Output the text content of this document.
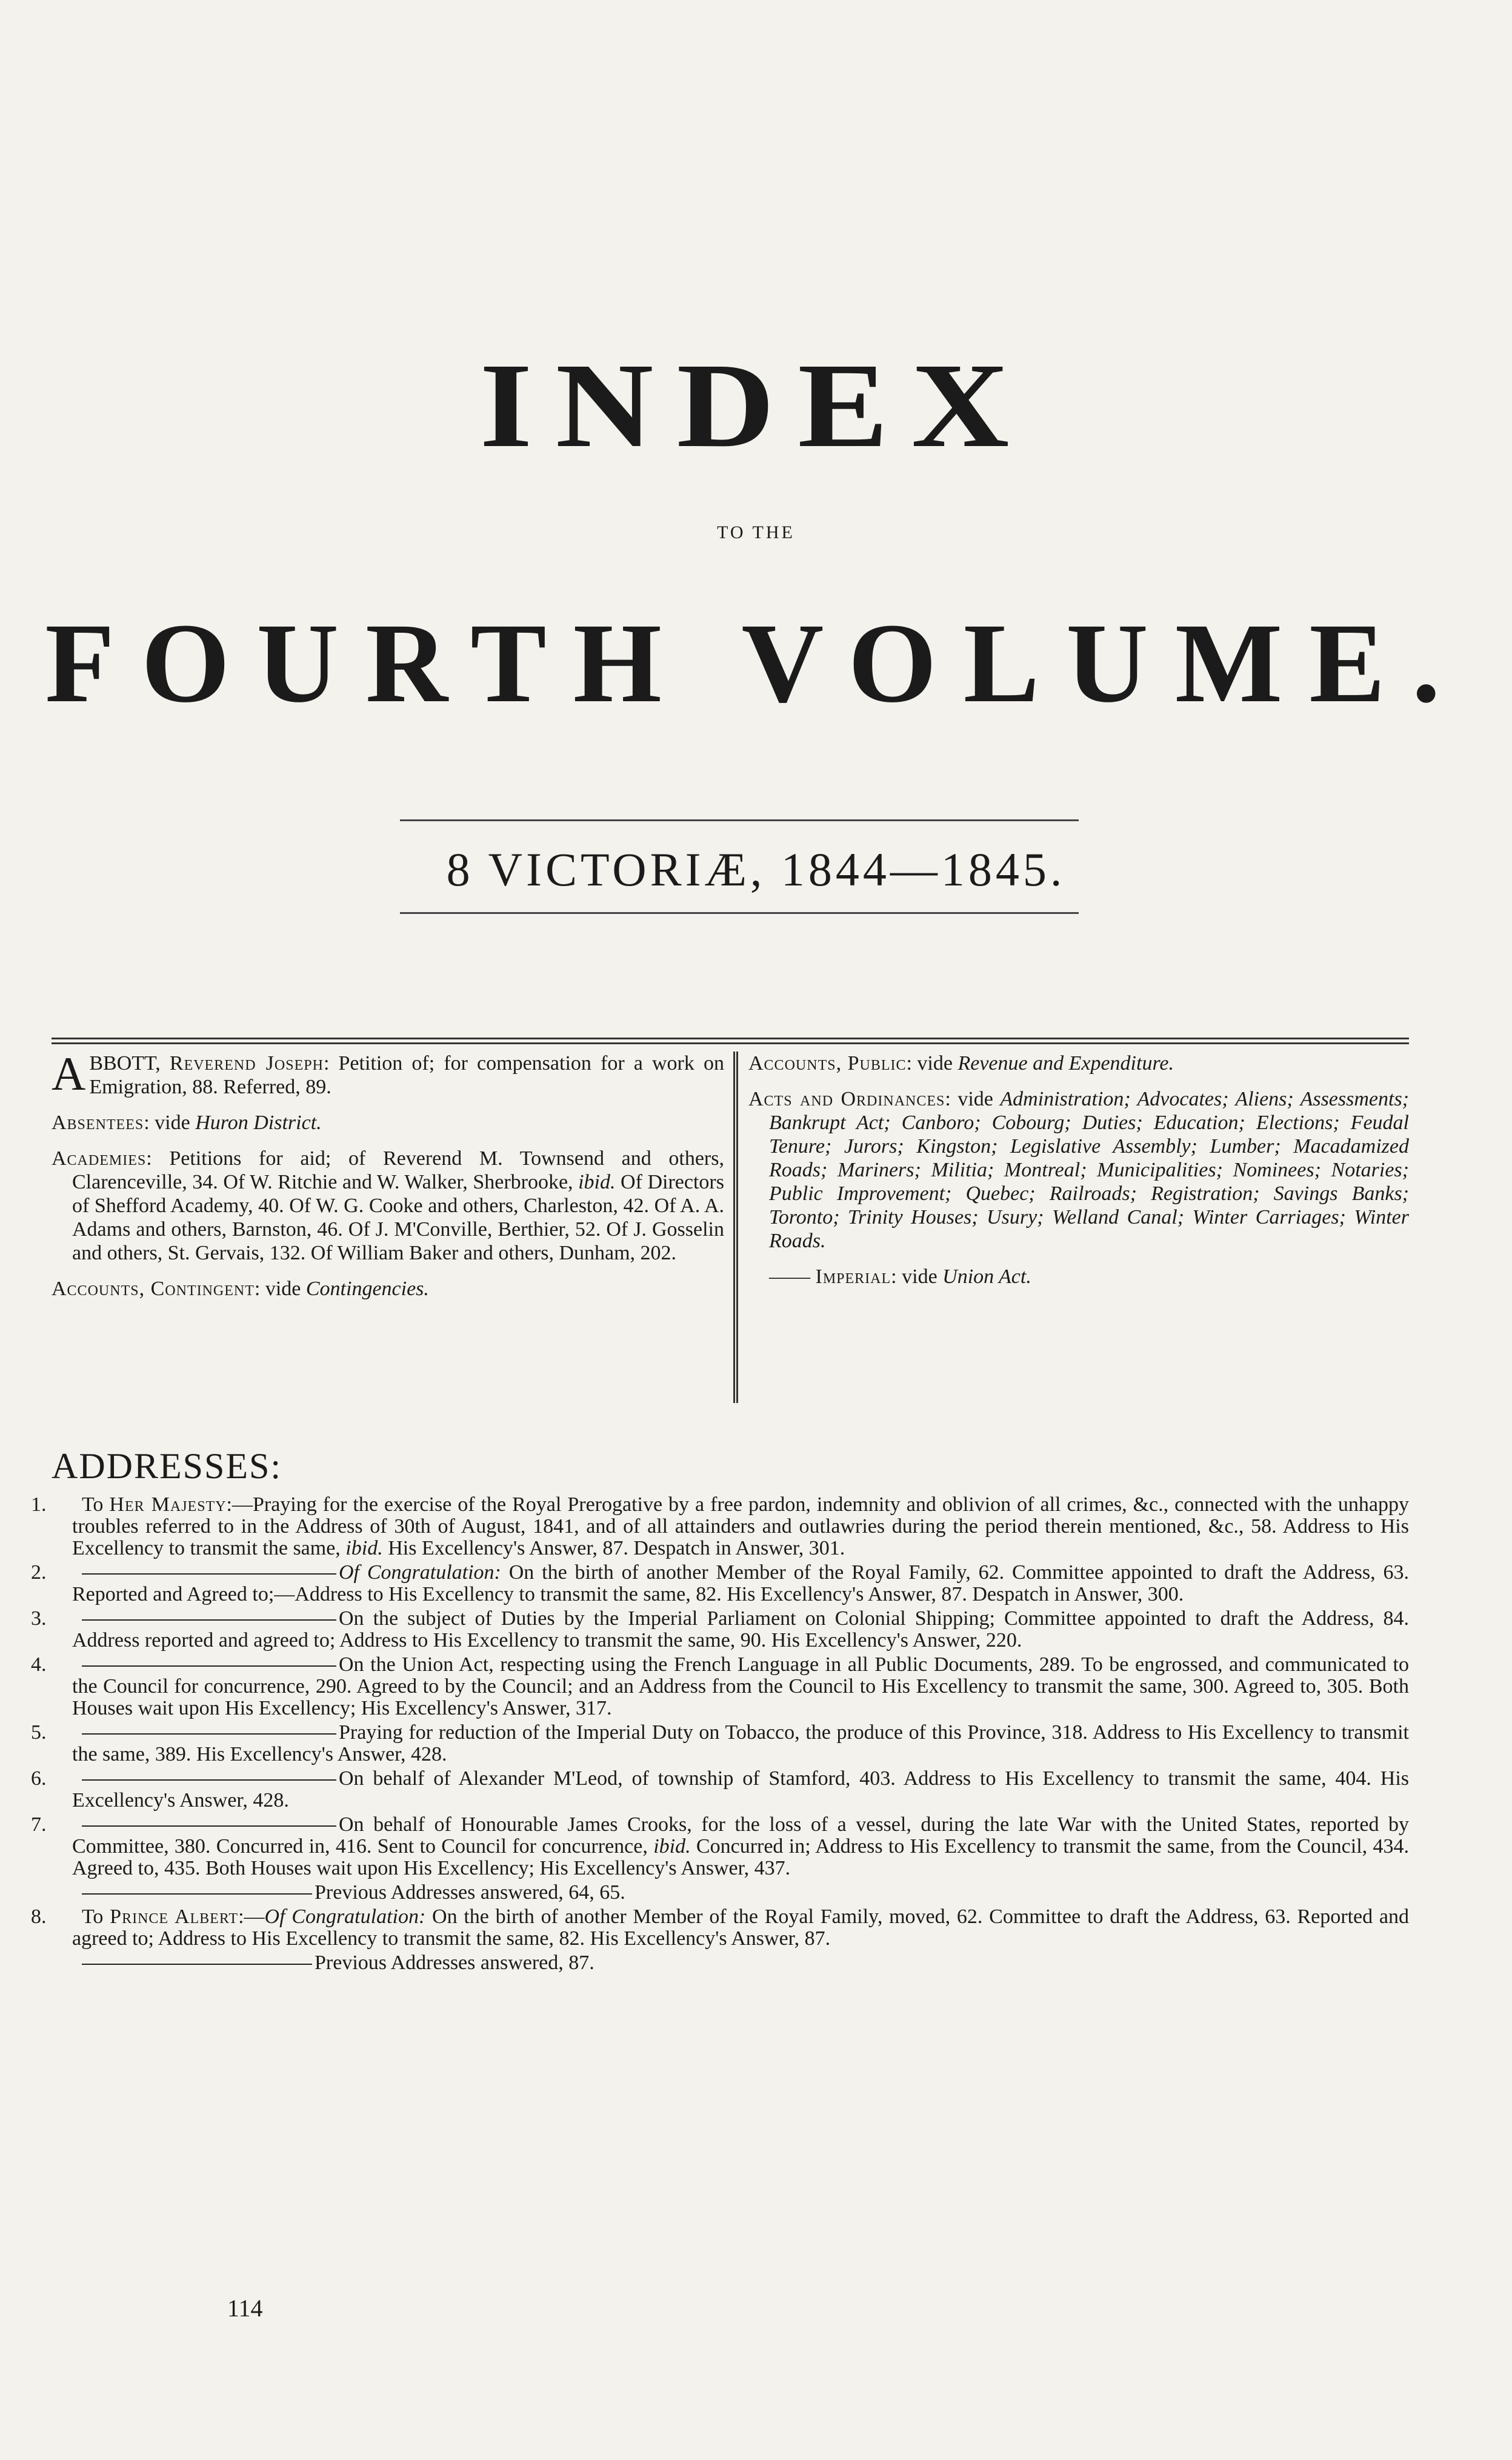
INDEX
TO THE
FOURTH VOLUME.
8 VICTORIÆ, 1844—1845.

ABBOTT, Reverend Joseph: Petition of; for compensation for a work on Emigration, 88. Referred, 89.

Absentees: vide Huron District.

Academies: Petitions for aid; of Reverend M. Townsend and others, Clarenceville, 34. Of W. Ritchie and W. Walker, Sherbrooke, ibid. Of Directors of Shefford Academy, 40. Of W. G. Cooke and others, Charleston, 42. Of A. A. Adams and others, Barnston, 46. Of J. M'Conville, Berthier, 52. Of J. Gosselin and others, St. Gervais, 132. Of William Baker and others, Dunham, 202.

Accounts, Contingent: vide Contingencies.

Accounts, Public: vide Revenue and Expenditure.

Acts and Ordinances: vide Administration; Advocates; Aliens; Assessments; Bankrupt Act; Canboro; Cobourg; Duties; Education; Elections; Feudal Tenure; Jurors; Kingston; Legislative Assembly; Lumber; Macadamized Roads; Mariners; Militia; Montreal; Municipalities; Nominees; Notaries; Public Improvement; Quebec; Railroads; Registration; Savings Banks; Toronto; Trinity Houses; Usury; Welland Canal; Winter Carriages; Winter Roads.

—— Imperial: vide Union Act.

ADDRESSES:

1. To Her Majesty:—Praying for the exercise of the Royal Prerogative by a free pardon, indemnity and oblivion of all crimes, &c., connected with the unhappy troubles referred to in the Address of 30th of August, 1841, and of all attainders and outlawries during the period therein mentioned, &c., 58. Address to His Excellency to transmit the same, ibid. His Excellency's Answer, 87. Despatch in Answer, 301.

2.	Of Congratulation: On the birth of another Member of the Royal Family, 62. Committee appointed to draft the Address, 63. Reported and Agreed to;—Address to His Excellency to transmit the same, 82. His Excellency's Answer, 87. Despatch in Answer, 300.

3.	On the subject of Duties by the Imperial Parliament on Colonial Shipping; Committee appointed to draft the Address, 84. Address reported and agreed to; Address to His Excellency to transmit the same, 90. His Excellency's Answer, 220.

4.	On the Union Act, respecting using the French Language in all Public Documents, 289. To be engrossed, and communicated to the Council for concurrence, 290. Agreed to by the Council; and an Address from the Council to His Excellency to transmit the same, 300. Agreed to, 305. Both Houses wait upon His Excellency; His Excellency's Answer, 317.

5.	Praying for reduction of the Imperial Duty on Tobacco, the produce of this Province, 318. Address to His Excellency to transmit the same, 389. His Excellency's Answer, 428.

6.	On behalf of Alexander M'Leod, of township of Stamford, 403. Address to His Excellency to transmit the same, 404. His Excellency's Answer, 428.

7.	On behalf of Honourable James Crooks, for the loss of a vessel, during the late War with the United States, reported by Committee, 380. Concurred in, 416. Sent to Council for concurrence, ibid. Concurred in; Address to His Excellency to transmit the same, from the Council, 434. Agreed to, 435. Both Houses wait upon His Excellency; His Excellency's Answer, 437.

Previous Addresses answered, 64, 65.

8. To Prince Albert:—Of Congratulation: On the birth of another Member of the Royal Family, moved, 62. Committee to draft the Address, 63. Reported and agreed to; Address to His Excellency to transmit the same, 82. His Excellency's Answer, 87.

Previous Addresses answered, 87.

114
